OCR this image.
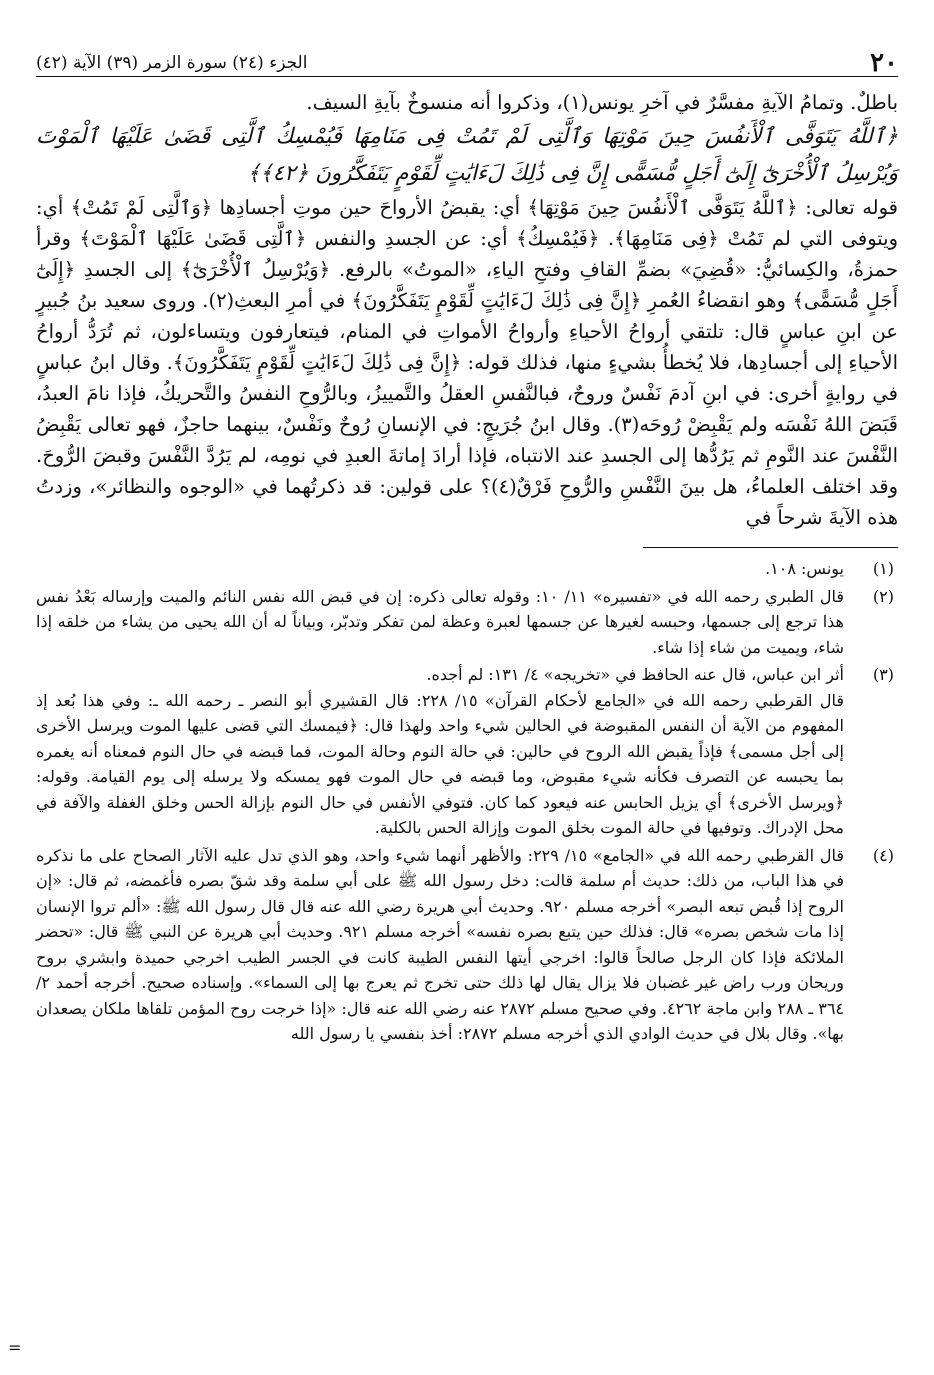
٢٠
الجزء (٢٤) سورة الزمر (٣٩) الآية (٤٢)

باطلٌ. وتمامُ الآيةِ مفسَّرٌ في آخرِ يونس(١)، وذكروا أنه منسوخٌ بآيةِ السيف.

﴿ٱللَّهُ يَتَوَفَّى ٱلْأَنفُسَ حِينَ مَوْتِهَا وَٱلَّتِى لَمْ تَمُتْ فِى مَنَامِهَا فَيُمْسِكُ ٱلَّتِى قَضَىٰ عَلَيْهَا ٱلْمَوْتَ وَيُرْسِلُ ٱلْأُخْرَىٰٓ إِلَىٰٓ أَجَلٍ مُّسَمًّى إِنَّ فِى ذَٰلِكَ لَءَايَٰتٍ لِّقَوْمٍ يَتَفَكَّرُونَ ﴿٤٢﴾﴾

قوله تعالى: ﴿ٱللَّهُ يَتَوَفَّى ٱلْأَنفُسَ حِينَ مَوْتِهَا﴾ أي: يقبضُ الأرواحَ حين موتِ أجسادِها ﴿وَٱلَّتِى لَمْ تَمُتْ﴾ أي: ويتوفى التي لم تَمُتْ ﴿فِى مَنَامِهَا﴾. ﴿فَيُمْسِكُ﴾ أي: عن الجسدِ والنفس ﴿ٱلَّتِى قَضَىٰ عَلَيْهَا ٱلْمَوْتَ﴾ وقرأ حمزةُ، والكِسائيُّ: «قُضِيَ» بضمِّ القافِ وفتحِ الياءِ، «الموتُ» بالرفع. ﴿وَيُرْسِلُ ٱلْأُخْرَىٰٓ﴾ إلى الجسدِ ﴿إِلَىٰٓ أَجَلٍ مُّسَمًّى﴾ وهو انقضاءُ العُمرِ ﴿إِنَّ فِى ذَٰلِكَ لَءَايَٰتٍ لِّقَوْمٍ يَتَفَكَّرُونَ﴾ في أمرِ البعثِ(٢). وروى سعيد بنُ جُبيرٍ عن ابنِ عباسٍ قال: تلتقي أرواحُ الأحياءِ وأرواحُ الأمواتِ في المنام، فيتعارفون ويتساءلون، ثم تُرَدُّ أرواحُ الأحياءِ إلى أجسادِها، فلا يُخطأُ بشيءٍ منها، فذلك قوله: ﴿إِنَّ فِى ذَٰلِكَ لَءَايَٰتٍ لِّقَوْمٍ يَتَفَكَّرُونَ﴾. وقال ابنُ عباسٍ في روايةٍ أخرى: في ابنِ آدمَ نَفْسٌ وروحٌ، فبالنَّفسِ العقلُ والتَّمييزُ، وبالرُّوحِ النفسُ والتَّحريكُ، فإذا نامَ العبدُ، قَبَضَ اللهُ نَفْسَه ولم يَقْبِضْ رُوحَه(٣). وقال ابنُ جُرَيجٍ: في الإنسانِ رُوحٌ ونَفْسٌ، بينهما حاجزٌ، فهو تعالى يَقْبِضُ النَّفْسَ عند النَّومِ ثم يَرُدُّها إلى الجسدِ عند الانتباه، فإذا أرادَ إماتةَ العبدِ في نومِه، لم يَرُدَّ النَّفْسَ وقبضَ الرُّوحَ. وقد اختلف العلماءُ، هل بينَ النَّفْسِ والرُّوحِ فَرْقٌ(٤)؟ على قولين: قد ذكرتُهما في «الوجوه والنظائر»، وزدتُ هذه الآيةَ شرحاً في

(١)

يونس: ١٠٨.

(٢)

قال الطبري رحمه الله في «تفسيره» ١١/ ١٠: وقوله تعالى ذكره: إن في قبض الله نفس النائم والميت وإرساله بَعْدُ نفس هذا ترجع إلى جسمها، وحبسه لغيرها عن جسمها لعبرة وعظة لمن تفكر وتدبّر، وبياناً له أن الله يحيى من يشاء من خلقه إذا شاء، ويميت من شاء إذا شاء.

(٣)

أثر ابن عباس، قال عنه الحافظ في «تخريجه» ٤/ ١٣١: لم أجده.

قال القرطبي رحمه الله في «الجامع لأحكام القرآن» ١٥/ ٢٢٨: قال القشيري أبو النصر ـ رحمه الله ـ: وفي هذا بُعد إذ المفهوم من الآية أن النفس المقبوضة في الحالين شيء واحد ولهذا قال: ﴿فيمسك التي قضى عليها الموت ويرسل الأخرى إلى أجل مسمى﴾ فإذاً يقبض الله الروح في حالين: في حالة النوم وحالة الموت، فما قبضه في حال النوم فمعناه أنه يغمره بما يحبسه عن التصرف فكأنه شيء مقبوض، وما قبضه في حال الموت فهو يمسكه ولا يرسله إلى يوم القيامة. وقوله: ﴿ويرسل الأخرى﴾ أي يزيل الحابس عنه فيعود كما كان. فتوفي الأنفس في حال النوم بإزالة الحس وخلق الغفلة والآفة في محل الإدراك. وتوفيها في حالة الموت بخلق الموت وإزالة الحس بالكلية.

(٤)

قال القرطبي رحمه الله في «الجامع» ١٥/ ٢٢٩: والأظهر أنهما شيء واحد، وهو الذي تدل عليه الآثار الصحاح على ما نذكره في هذا الباب، من ذلك: حديث أم سلمة قالت: دخل رسول الله ﷺ على أبي سلمة وقد شقّ بصره فأغمضه، ثم قال: «إن الروح إذا قُبض تبعه البصر» أخرجه مسلم ٩٢٠. وحديث أبي هريرة رضي الله عنه قال قال رسول الله ﷺ: «ألم تروا الإنسان إذا مات شخص بصره» قال: فذلك حين يتبع بصره نفسه» أخرجه مسلم ٩٢١. وحديث أبي هريرة عن النبي ﷺ قال: «تحضر الملائكة فإذا كان الرجل صالحاً قالوا: اخرجي أيتها النفس الطيبة كانت في الجسر الطيب اخرجي حميدة وابشري بروح وريحان ورب راض غير غضبان فلا يزال يقال لها ذلك حتى تخرج ثم يعرج بها إلى السماء». وإسناده صحيح. أخرجه أحمد ٢/ ٣٦٤ ـ ٢٨٨ وابن ماجة ٤٢٦٢. وفي صحيح مسلم ٢٨٧٢ عنه رضي الله عنه قال: «إذا خرجت روح المؤمن تلقاها ملكان يصعدان بها». وقال بلال في حديث الوادي الذي أخرجه مسلم ٢٨٧٢: أخذ بنفسي يا رسول الله

=
